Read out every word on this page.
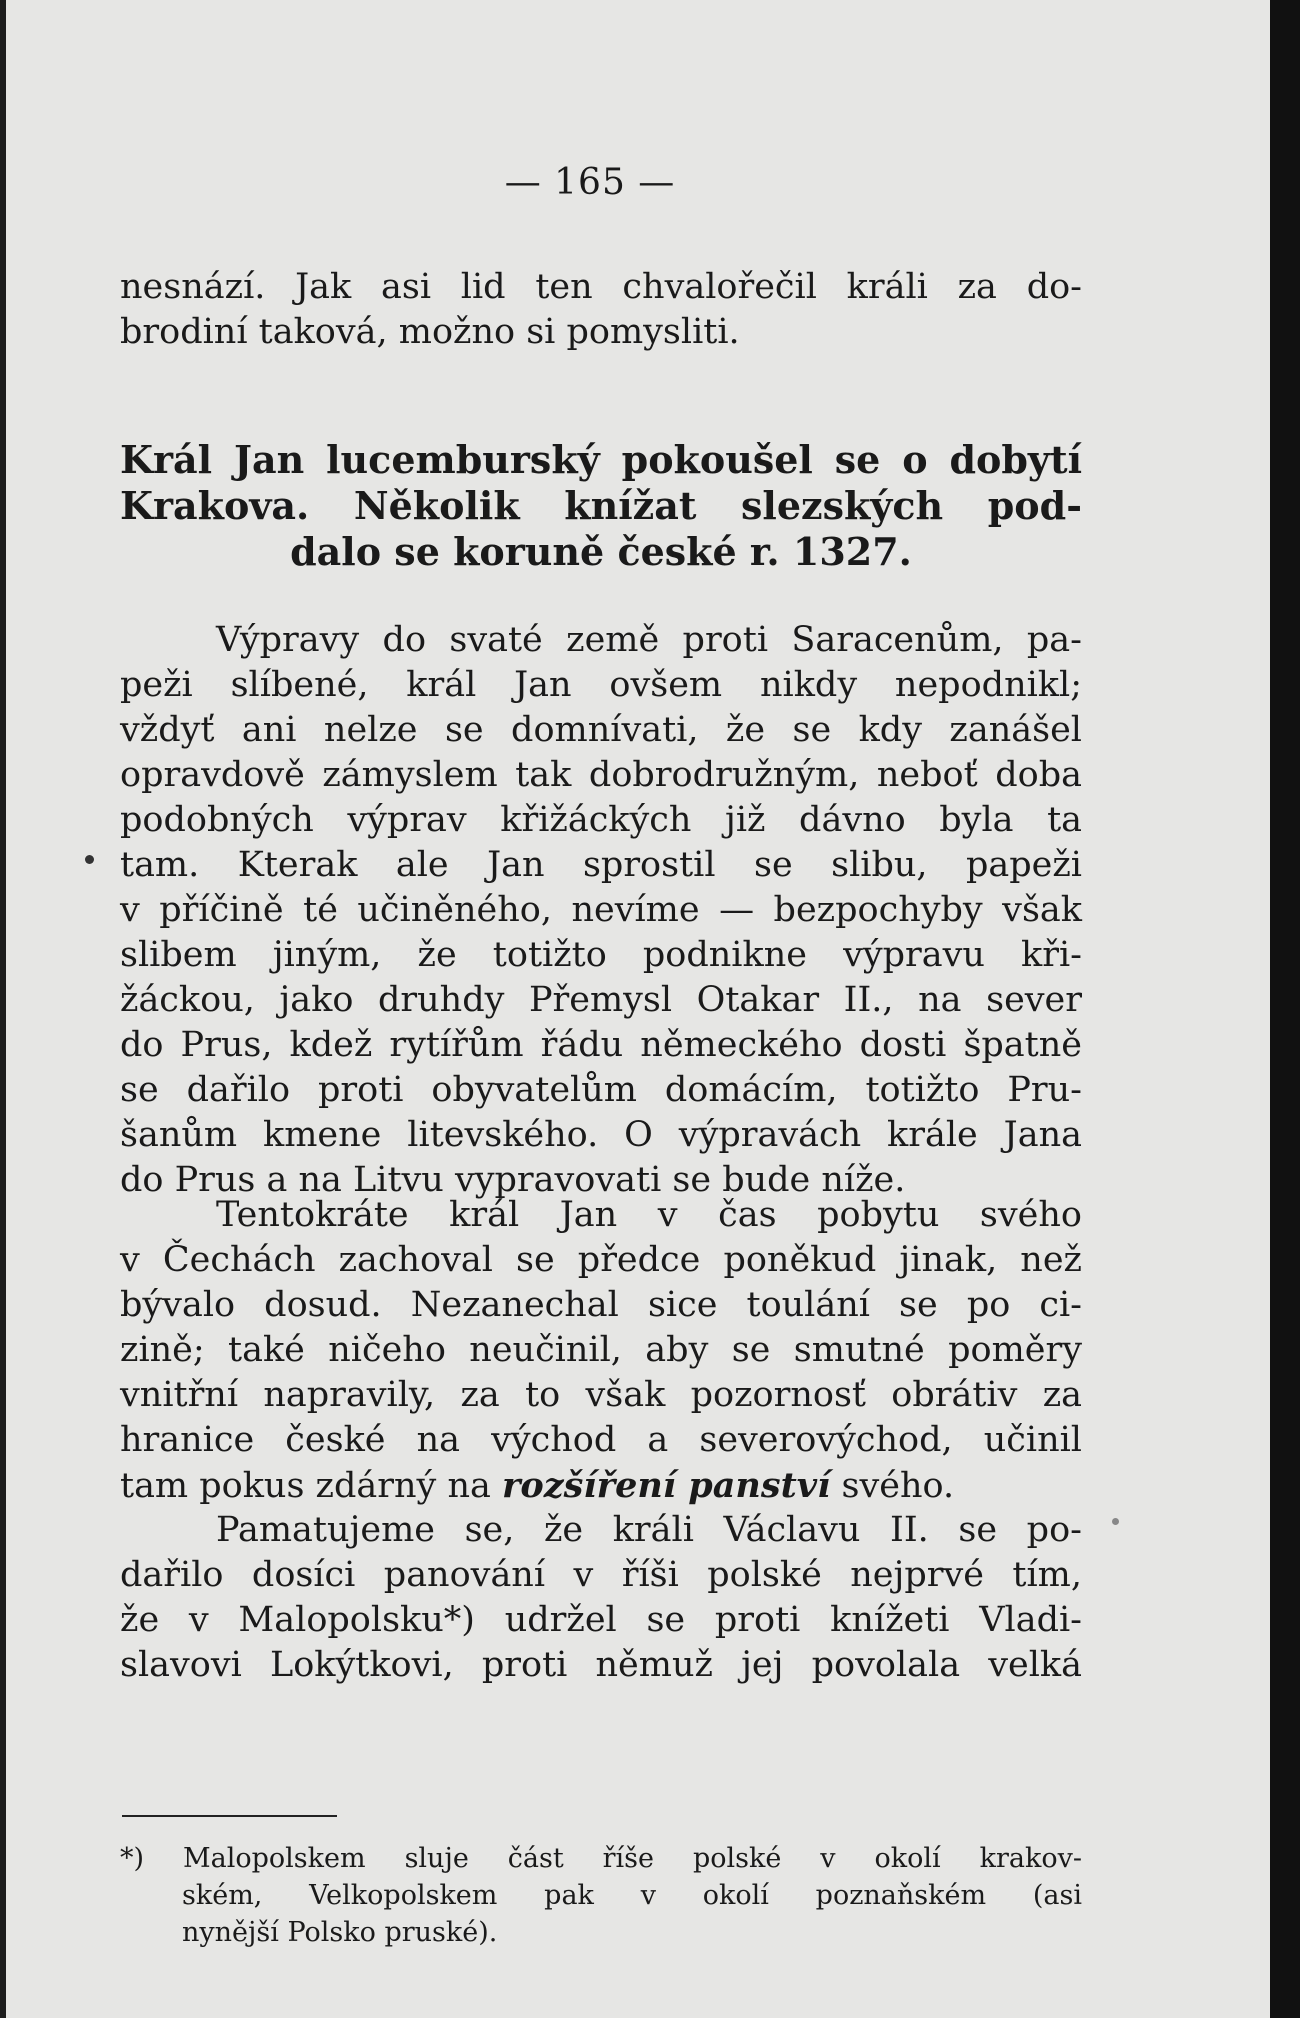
— 165 —
nesnází. Jak asi lid ten chvalořečil králi za do-
brodiní taková, možno si pomysliti.
Král Jan lucemburský pokoušel se o dobytí
Krakova. Několik knížat slezských pod-
dalo se koruně české r. 1327.
Výpravy do svaté země proti Saracenům, pa-
peži slíbené, král Jan ovšem nikdy nepodnikl;
vždyť ani nelze se domnívati, že se kdy zanášel
opravdově zámyslem tak dobrodružným, neboť doba
podobných výprav křižáckých již dávno byla ta
tam. Kterak ale Jan sprostil se slibu, papeži
v příčině té učiněného, nevíme — bezpochyby však
slibem jiným, že totižto podnikne výpravu kři-
žáckou, jako druhdy Přemysl Otakar II., na sever
do Prus, kdež rytířům řádu německého dosti špatně
se dařilo proti obyvatelům domácím, totižto Pru-
šanům kmene litevského. O výpravách krále Jana
do Prus a na Litvu vypravovati se bude níže.
Tentokráte král Jan v čas pobytu svého
v Čechách zachoval se předce poněkud jinak, než
bývalo dosud. Nezanechal sice toulání se po ci-
zině; také ničeho neučinil, aby se smutné poměry
vnitřní napravily, za to však pozornosť obrátiv za
hranice české na východ a severovýchod, učinil
tam pokus zdárný na rozšíření panství svého.
Pamatujeme se, že králi Václavu II. se po-
dařilo dosíci panování v říši polské nejprvé tím,
že v Malopolsku*) udržel se proti knížeti Vladi-
slavovi Lokýtkovi, proti němuž jej povolala velká
*) Malopolskem sluje část říše polské v okolí krakov-
ském, Velkopolskem pak v okolí poznaňském (asi
nynější Polsko pruské).
